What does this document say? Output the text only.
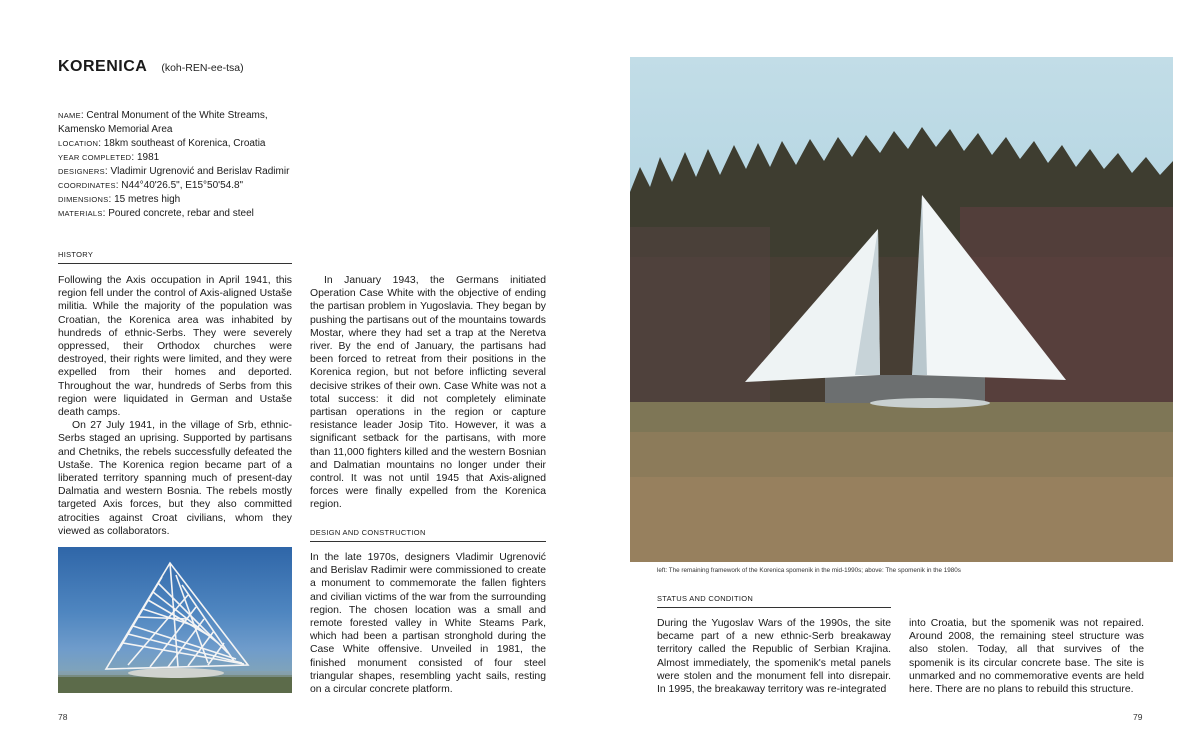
KORENICA (koh-REN-ee-tsa)
NAME: Central Monument of the White Streams, Kamensko Memorial Area
LOCATION: 18km southeast of Korenica, Croatia
YEAR COMPLETED: 1981
DESIGNERS: Vladimir Ugrenović and Berislav Radimir
COORDINATES: N44°40'26.5", E15°50'54.8"
DIMENSIONS: 15 metres high
MATERIALS: Poured concrete, rebar and steel
HISTORY

Following the Axis occupation in April 1941, this region fell under the control of Axis-aligned Ustaše militia. While the majority of the population was Croatian, the Korenica area was inhabited by hundreds of ethnic-Serbs. They were severely oppressed, their Orthodox churches were destroyed, their rights were limited, and they were expelled from their homes and deported. Throughout the war, hundreds of Serbs from this region were liquidated in German and Ustaše death camps.

On 27 July 1941, in the village of Srb, ethnic-Serbs staged an uprising. Supported by partisans and Chetniks, the rebels successfully defeated the Ustaše. The Korenica region became part of a liberated territory spanning much of present-day Dalmatia and western Bosnia. The rebels mostly targeted Axis forces, but they also committed atrocities against Croat civilians, whom they viewed as collaborators.

In January 1943, the Germans initiated Operation Case White with the objective of ending the partisan problem in Yugoslavia. They began by pushing the partisans out of the mountains towards Mostar, where they had set a trap at the Neretva river. By the end of January, the partisans had been forced to retreat from their positions in the Korenica region, but not before inflicting several decisive strikes of their own. Case White was not a total success: it did not completely eliminate partisan operations in the region or capture resistance leader Josip Tito. However, it was a significant setback for the partisans, with more than 11,000 fighters killed and the western Bosnian and Dalmatian mountains no longer under their control. It was not until 1945 that Axis-aligned forces were finally expelled from the Korenica region.

DESIGN AND CONSTRUCTION

In the late 1970s, designers Vladimir Ugrenović and Berislav Radimir were commissioned to create a monument to commemorate the fallen fighters and civilian victims of the war from the surrounding region. The chosen location was a small and remote forested valley in White Steams Park, which had been a partisan stronghold during the Case White offensive. Unveiled in 1981, the finished monument consisted of four steel triangular shapes, resembling yacht sails, resting on a circular concrete platform.

left: The remaining framework of the Korenica spomenik in the mid-1990s; above: The spomenik in the 1980s
STATUS AND CONDITION

During the Yugoslav Wars of the 1990s, the site became part of a new ethnic-Serb breakaway territory called the Republic of Serbian Krajina. Almost immediately, the spomenik's metal panels were stolen and the monument fell into disrepair. In 1995, the breakaway territory was re-integrated

into Croatia, but the spomenik was not repaired. Around 2008, the remaining steel structure was also stolen. Today, all that survives of the spomenik is its circular concrete base. The site is unmarked and no commemorative events are held here. There are no plans to rebuild this structure.

78	79
